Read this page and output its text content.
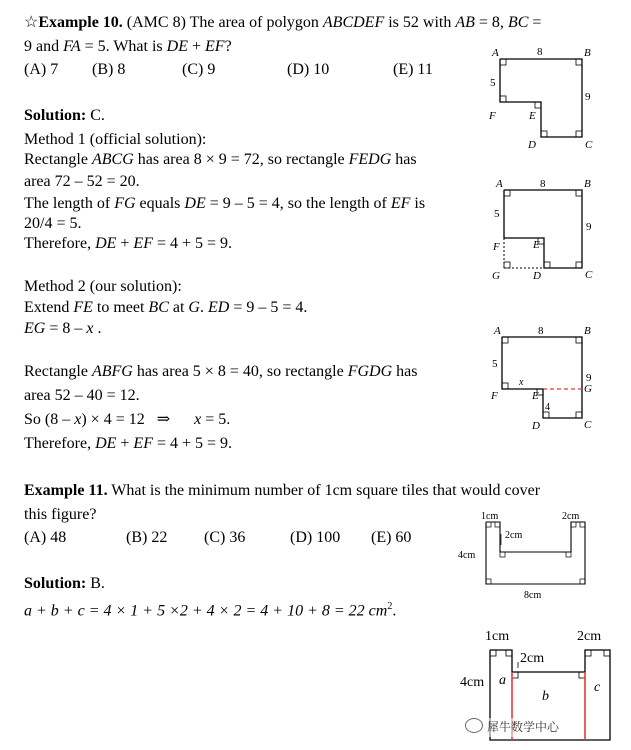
☆Example 10. (AMC 8) The area of polygon ABCDEF is 52 with AB = 8, BC =
9 and FA = 5. What is DE + EF?
(A) 7 (B) 8	(C) 9	(D) 10	(E) 11
Solution: C.
Method 1 (official solution):
Rectangle ABCG has area 8 × 9 = 72, so rectangle FEDG has
area 72 – 52 = 20.
The length of FG equals DE = 9 – 5 = 4, so the length of EF is
20/4 = 5.
Therefore, DE + EF = 4 + 5 = 9.
Method 2 (our solution):
Extend FE to meet BC at G. ED = 9 – 5 = 4.
EG = 8 – x .
Rectangle ABFG has area 5 × 8 = 40, so rectangle FGDG has
area 52 – 40 = 12.
So (8 – x) × 4 = 12   ⇒ x = 5.
Therefore, DE + EF = 4 + 5 = 9.
Example 11. What is the minimum number of 1cm square tiles that would cover
this figure?
(A) 48	(B) 22 (C) 36	(D) 100 (E) 60
Solution: B.
a + b + c = 4 × 1 + 5 ×2 + 4 × 2 = 4 + 10 + 8 = 22 $cm^2$.
A	B
C
D
E
F
8
9
5
A	B
C
D
E
F
G
8
9
5
A	B
C
D
E
F
G
x
8
9
5
4
1cm	2cm
2cm
4cm
8cm
1cm	2cm
2cm
4cm a
b
c
犀牛数学中心
